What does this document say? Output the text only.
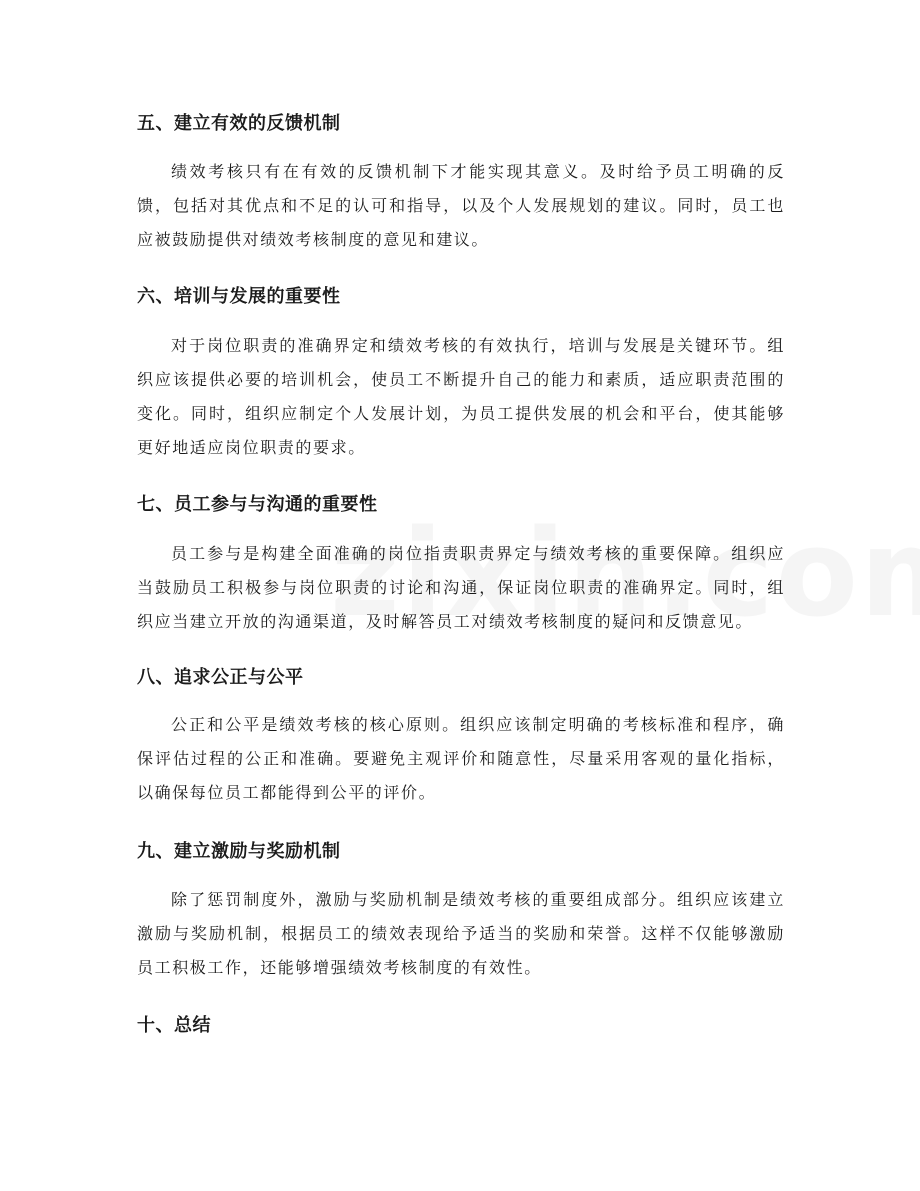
五、建立有效的反馈机制
绩效考核只有在有效的反馈机制下才能实现其意义。及时给予员工明确的反馈，包括对其优点和不足的认可和指导，以及个人发展规划的建议。同时，员工也应被鼓励提供对绩效考核制度的意见和建议。
六、培训与发展的重要性
对于岗位职责的准确界定和绩效考核的有效执行，培训与发展是关键环节。组织应该提供必要的培训机会，使员工不断提升自己的能力和素质，适应职责范围的变化。同时，组织应制定个人发展计划，为员工提供发展的机会和平台，使其能够更好地适应岗位职责的要求。
七、员工参与与沟通的重要性
员工参与是构建全面准确的岗位指责职责界定与绩效考核的重要保障。组织应当鼓励员工积极参与岗位职责的讨论和沟通，保证岗位职责的准确界定。同时，组织应当建立开放的沟通渠道，及时解答员工对绩效考核制度的疑问和反馈意见。
八、追求公正与公平
公正和公平是绩效考核的核心原则。组织应该制定明确的考核标准和程序，确保评估过程的公正和准确。要避免主观评价和随意性，尽量采用客观的量化指标，以确保每位员工都能得到公平的评价。
九、建立激励与奖励机制
除了惩罚制度外，激励与奖励机制是绩效考核的重要组成部分。组织应该建立激励与奖励机制，根据员工的绩效表现给予适当的奖励和荣誉。这样不仅能够激励员工积极工作，还能够增强绩效考核制度的有效性。
十、总结
